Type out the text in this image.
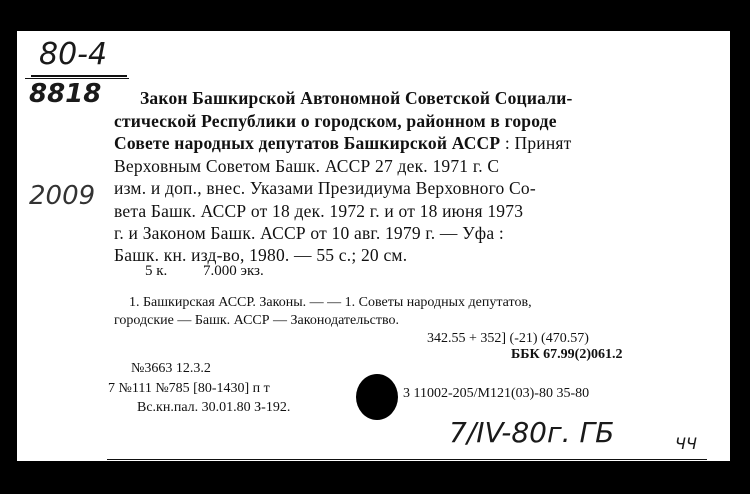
80-4
8818
2009
Закон Башкирской Автономной Советской Социали-
стической Республики о городском, районном в городе
Совете народных депутатов Башкирской АССР : Принят
Верховным Советом Башк. АССР 27 дек. 1971 г. С
изм. и доп., внес. Указами Президиума Верховного Со-
вета Башк. АССР от 18 дек. 1972 г. и от 18 июня 1973
г. и Законом Башк. АССР от 10 авг. 1979 г. — Уфа :
Башк. кн. изд-во, 1980. — 55 с.; 20 см.
5 к. 7.000 экз.
1. Башкирская АССР. Законы. — — 1. Советы народных депутатов,
городские — Башк. АССР — Законодательство.
342.55 + 352] (-21) (470.57)
ББК 67.99(2)061.2
№3663 12.3.2
7 №111 №785 [80-1430] п т	3 11002-205/М121(03)-80 35-80
Вс.кн.пал. 30.01.80 З-192.
7/IV-80г. ГБ	ЧЧ
